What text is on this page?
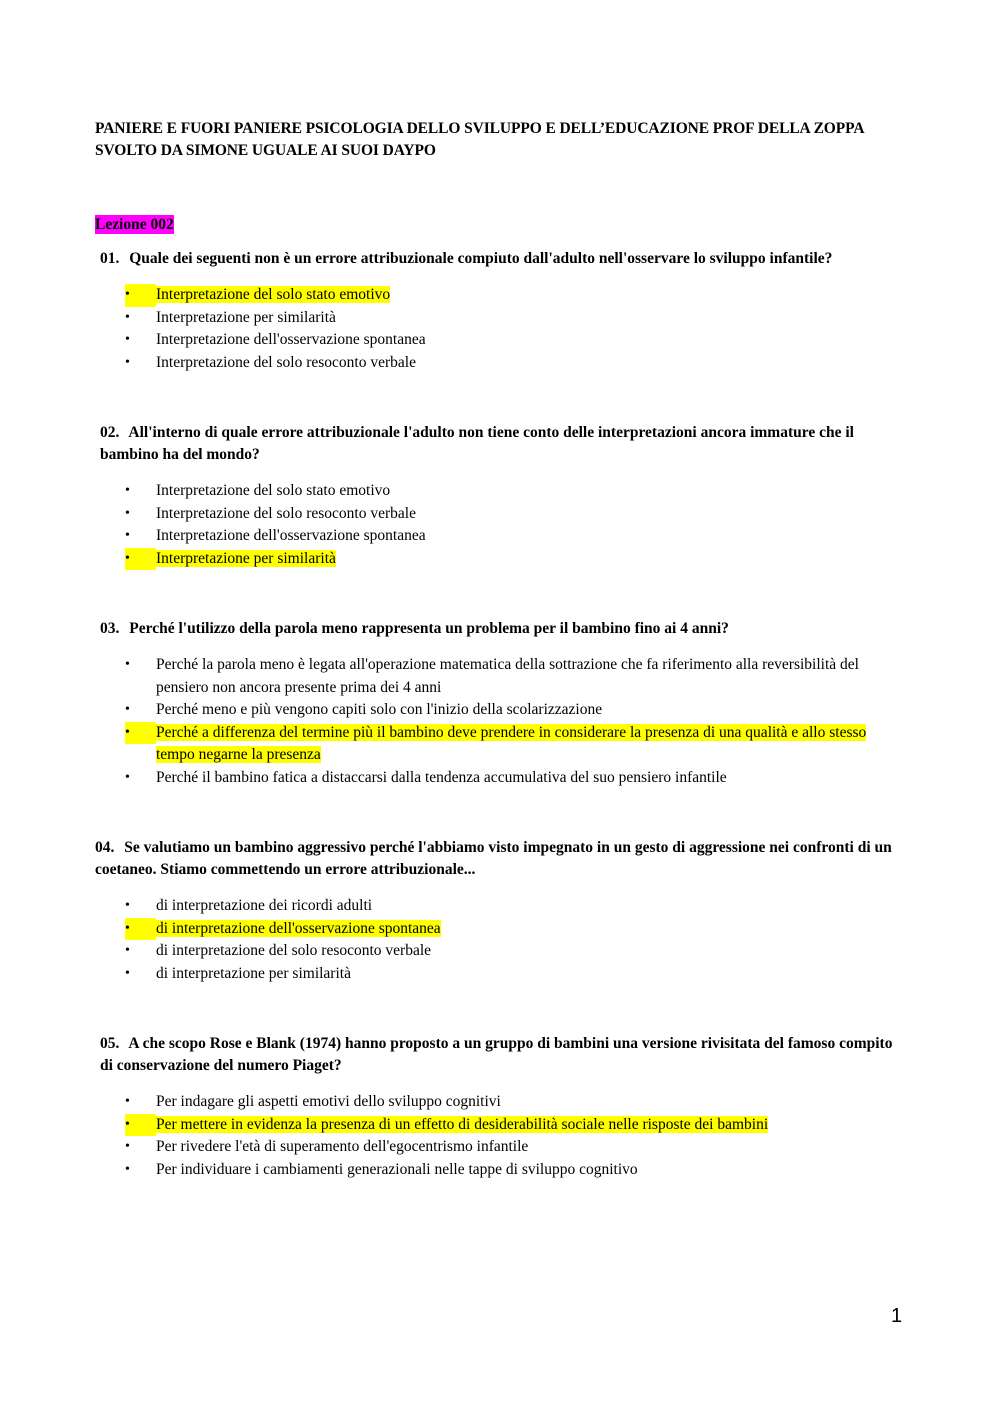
PANIERE E FUORI PANIERE PSICOLOGIA DELLO SVILUPPO E DELL’EDUCAZIONE PROF DELLA ZOPPA SVOLTO DA SIMONE UGUALE AI SUOI DAYPO

Lezione 002

01. Quale dei seguenti non è un errore attribuzionale compiuto dall'adulto nell'osservare lo sviluppo infantile?

•	Interpretazione del solo stato emotivo
• Interpretazione per similarità
• Interpretazione dell'osservazione spontanea
• Interpretazione del solo resoconto verbale

02. All'interno di quale errore attribuzionale l'adulto non tiene conto delle interpretazioni ancora immature che il bambino ha del mondo?

• Interpretazione del solo stato emotivo
• Interpretazione del solo resoconto verbale
• Interpretazione dell'osservazione spontanea
•	Interpretazione per similarità

03. Perché l'utilizzo della parola meno rappresenta un problema per il bambino fino ai 4 anni?

• Perché la parola meno è legata all'operazione matematica della sottrazione che fa riferimento alla reversibilità del pensiero non ancora presente prima dei 4 anni
• Perché meno e più vengono capiti solo con l'inizio della scolarizzazione
•	Perché a differenza del termine più il bambino deve prendere in considerare la presenza di una qualità e allo stesso tempo negarne la presenza
• Perché il bambino fatica a distaccarsi dalla tendenza accumulativa del suo pensiero infantile

04. Se valutiamo un bambino aggressivo perché l'abbiamo visto impegnato in un gesto di aggressione nei confronti di un coetaneo. Stiamo commettendo un errore attribuzionale...

• di interpretazione dei ricordi adulti
•	di interpretazione dell'osservazione spontanea
• di interpretazione del solo resoconto verbale
• di interpretazione per similarità

05. A che scopo Rose e Blank (1974) hanno proposto a un gruppo di bambini una versione rivisitata del famoso compito di conservazione del numero Piaget?

• Per indagare gli aspetti emotivi dello sviluppo cognitivi
•	Per mettere in evidenza la presenza di un effetto di desiderabilità sociale nelle risposte dei bambini
• Per rivedere l'età di superamento dell'egocentrismo infantile
• Per individuare i cambiamenti generazionali nelle tappe di sviluppo cognitivo
1
